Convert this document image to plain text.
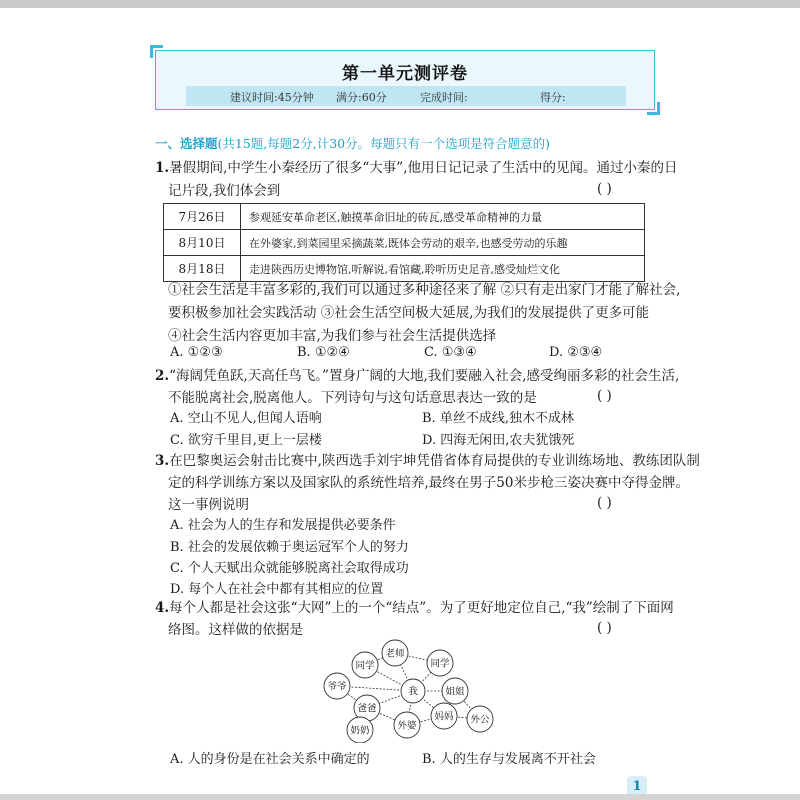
第一单元测评卷
建议时间:45分钟 满分:60分	完成时间:	得分:
一、选择题(共15题,每题2分,计30分。每题只有一个选项是符合题意的)
1.暑假期间,中学生小秦经历了很多“大事”,他用日记记录了生活中的见闻。通过小秦的日
记片段,我们体会到	( )
7月26日	参观延安革命老区,触摸革命旧址的砖瓦,感受革命精神的力量
8月10日	在外婆家,到菜园里采摘蔬菜,既体会劳动的艰辛,也感受劳动的乐趣
8月18日	走进陕西历史博物馆,听解说,看馆藏,聆听历史足音,感受灿烂文化
①社会生活是丰富多彩的,我们可以通过多种途径来了解 ②只有走出家门才能了解社会,
要积极参加社会实践活动 ③社会生活空间极大延展,为我们的发展提供了更多可能
④社会生活内容更加丰富,为我们参与社会生活提供选择
A. ①②③	B. ①②④	C. ①③④	D. ②③④
2.“海阔凭鱼跃,天高任鸟飞。”置身广阔的大地,我们要融入社会,感受绚丽多彩的社会生活,
不能脱离社会,脱离他人。下列诗句与这句话意思表达一致的是	( )
A. 空山不见人,但闻人语响	B. 单丝不成线,独木不成林
C. 欲穷千里目,更上一层楼	D. 四海无闲田,农夫犹饿死
3.在巴黎奥运会射击比赛中,陕西选手刘宇坤凭借省体育局提供的专业训练场地、教练团队制
定的科学训练方案以及国家队的系统性培养,最终在男子50米步枪三姿决赛中夺得金牌。
这一事例说明	( )
A. 社会为人的生存和发展提供必要条件
B. 社会的发展依赖于奥运冠军个人的努力
C. 个人天赋出众就能够脱离社会取得成功
D. 每个人在社会中都有其相应的位置
4.每个人都是社会这张“大网”上的一个“结点”。为了更好地定位自己,“我”绘制了下面网
络图。这样做的依据是	( )
老师
同学	同学
爷爷	我	姐姐
爸爸
外婆
妈妈 外公
奶奶
A. 人的身份是在社会关系中确定的	B. 人的生存与发展离不开社会
1
